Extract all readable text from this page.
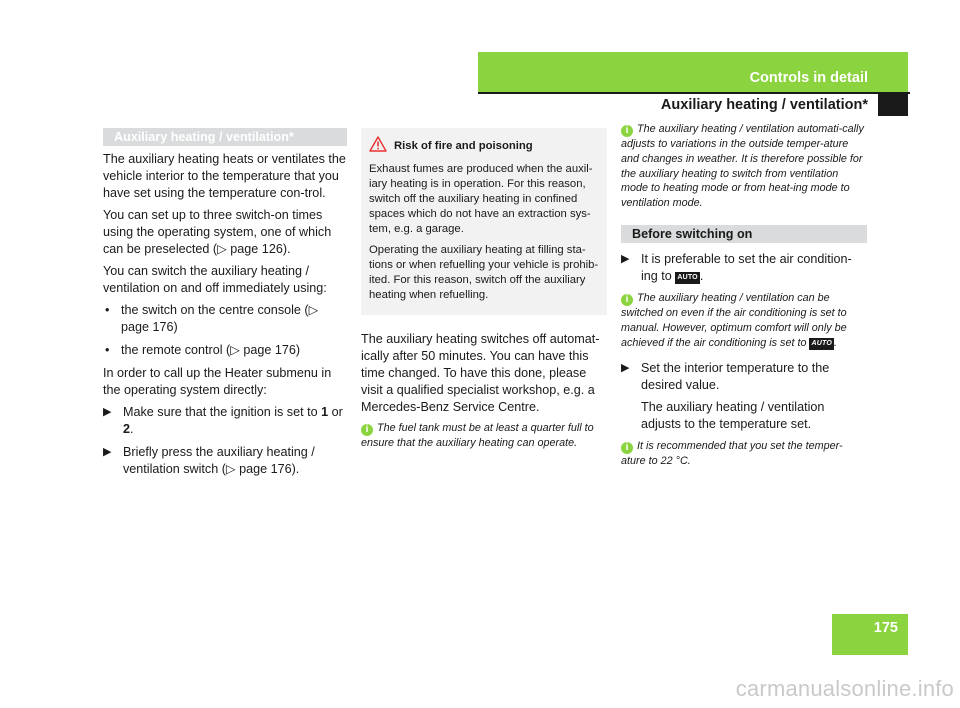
Controls in detail
Auxiliary heating / ventilation*
Auxiliary heating / ventilation*
The auxiliary heating heats or ventilates the vehicle interior to the temperature that you have set using the temperature con-trol.
You can set up to three switch-on times using the operating system, one of which can be preselected (▷ page 126).
You can switch the auxiliary heating / ventilation on and off immediately using:
• the switch on the centre console (▷ page 176)
• the remote control (▷ page 176)
In order to call up the Heater submenu in the operating system directly:
▶ Make sure that the ignition is set to 1 or 2.
▶ Briefly press the auxiliary heating / ventilation switch (▷ page 176).
Risk of fire and poisoning

Exhaust fumes are produced when the auxil-iary heating is in operation. For this reason, switch off the auxiliary heating in confined spaces which do not have an extraction sys-tem, e.g. a garage.

Operating the auxiliary heating at filling sta-tions or when refuelling your vehicle is prohib-ited. For this reason, switch off the auxiliary heating when refuelling.

The auxiliary heating switches off automat-ically after 50 minutes. You can have this time changed. To have this done, please visit a qualified specialist workshop, e.g. a Mercedes-Benz Service Centre.
i The fuel tank must be at least a quarter full to ensure that the auxiliary heating can operate.
i The auxiliary heating / ventilation automati-cally adjusts to variations in the outside temper-ature and changes in weather. It is therefore possible for the auxiliary heating to switch from ventilation mode to heating mode or from heat-ing mode to ventilation mode.
Before switching on
▶ It is preferable to set the air condition-ing to AUTO .
i The auxiliary heating / ventilation can be switched on even if the air conditioning is set to manual. However, optimum comfort will only be achieved if the air conditioning is set to AUTO .
▶ Set the interior temperature to the desired value.
The auxiliary heating / ventilation adjusts to the temperature set.
i It is recommended that you set the temper-ature to 22 °C.
175
carmanualsonline.info
